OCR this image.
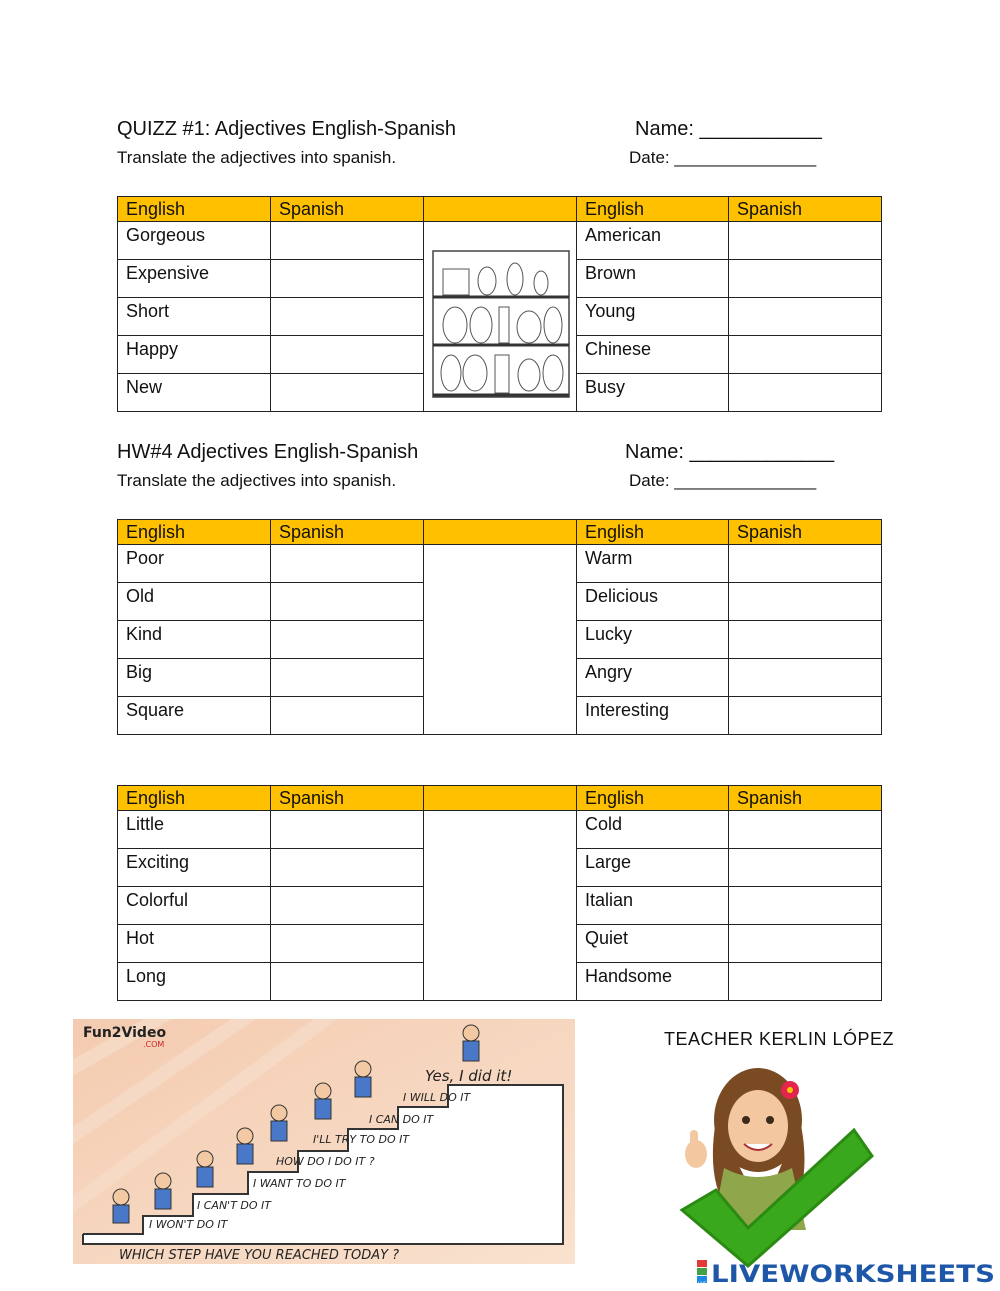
QUIZZ #1: Adjectives English-Spanish	Name: ___________
Translate the adjectives into spanish.	Date: _______________
English	Spanish		English	Spanish
Gorgeous			American	
Expensive			Brown	
Short			Young	
Happy			Chinese	
New			Busy	
HW#4 Adjectives English-Spanish	Name: _____________
Translate the adjectives into spanish.	Date: _______________
English	Spanish		English	Spanish
Poor			Warm	
Old			Delicious	
Kind			Lucky	
Big			Angry	
Square			Interesting	
English	Spanish		English	Spanish
Little			Cold	
Exciting			Large	
Colorful			Italian	
Hot			Quiet	
Long			Handsome	
Fun2Video
.COM
Yes, I did it!
I WILL DO IT
I CAN DO IT
I'LL TRY TO DO IT
HOW DO I DO IT ?
I WANT TO DO IT
I CAN'T DO IT
I WON'T DO IT
WHICH STEP HAVE YOU REACHED TODAY ?
TEACHER KERLIN LÓPEZ
LIVE LIVEWORKSHEETS
